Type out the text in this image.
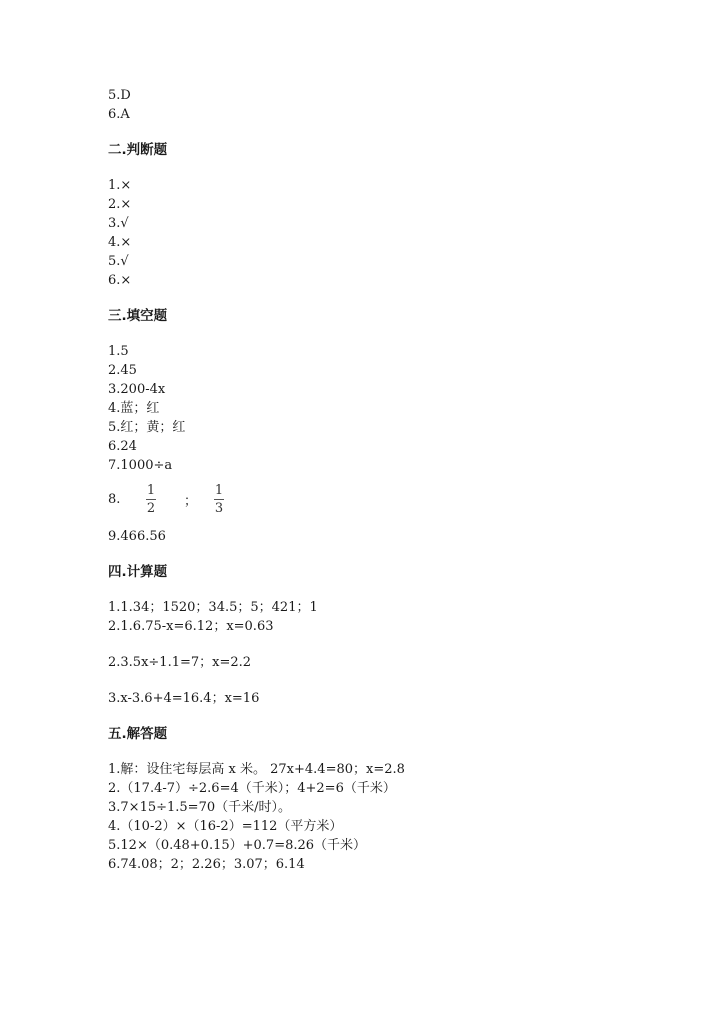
5.D
6.A
二.判断题
1.×
2.×
3.√
4.×
5.√
6.×
三.填空题
1.5
2.45
3.200-4x
4.蓝；红
5.红；黄；红
6.24
7.1000÷a
8.	$\frac{1}{2}$	；	$\frac{1}{3}$
9.466.56
四.计算题
1.1.34；1520；34.5；5；421；1
2.1.6.75-x=6.12；x=0.63
2.3.5x÷1.1=7；x=2.2
3.x-3.6+4=16.4；x=16
五.解答题
1.解：设住宅每层高 x 米。 27x+4.4=80；x=2.8
2.（17.4-7）÷2.6=4（千米）；4+2=6（千米）
3.7×15÷1.5=70（千米/时）。
4.（10-2）×（16-2）=112（平方米）
5.12×（0.48+0.15）+0.7=8.26（千米）
6.74.08；2；2.26；3.07；6.14
